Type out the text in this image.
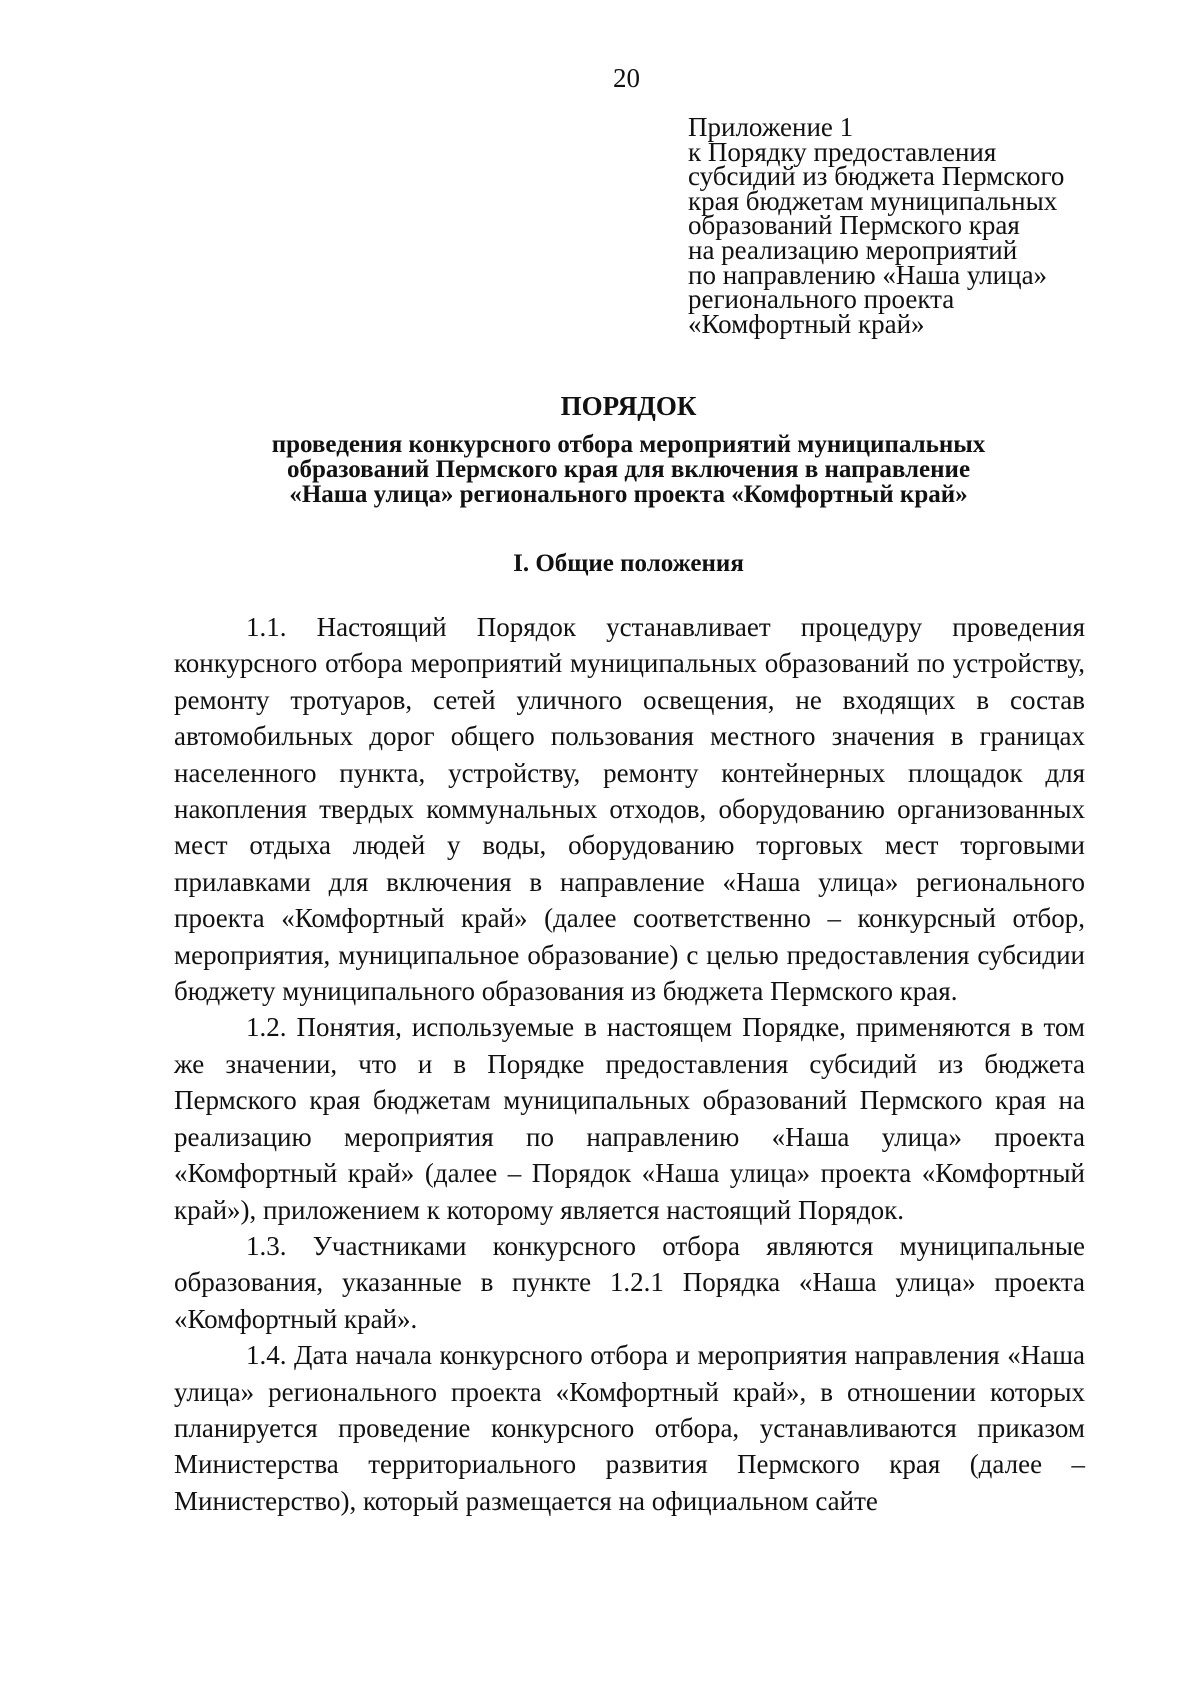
20
Приложение 1
к Порядку предоставления
субсидий из бюджета Пермского
края бюджетам муниципальных
образований Пермского края
на реализацию мероприятий
по направлению «Наша улица»
регионального проекта
«Комфортный край»
ПОРЯДОК
проведения конкурсного отбора мероприятий муниципальных
образований Пермского края для включения в направление
«Наша улица» регионального проекта «Комфортный край»
I. Общие положения

1.1. Настоящий Порядок устанавливает процедуру проведения конкурсного отбора мероприятий муниципальных образований по устройству, ремонту тротуаров, сетей уличного освещения, не входящих в состав автомобильных дорог общего пользования местного значения в границах населенного пункта, устройству, ремонту контейнерных площадок для накопления твердых коммунальных отходов, оборудованию организованных мест отдыха людей у воды, оборудованию торговых мест торговыми прилавками для включения в направление «Наша улица» регионального проекта «Комфортный край» (далее соответственно – конкурсный отбор, мероприятия, муниципальное образование) с целью предоставления субсидии бюджету муниципального образования из бюджета Пермского края.

1.2. Понятия, используемые в настоящем Порядке, применяются в том же значении, что и в Порядке предоставления субсидий из бюджета Пермского края бюджетам муниципальных образований Пермского края на реализацию мероприятия по направлению «Наша улица» проекта «Комфортный край» (далее – Порядок «Наша улица» проекта «Комфортный край»), приложением к которому является настоящий Порядок.

1.3. Участниками конкурсного отбора являются муниципальные образования, указанные в пункте 1.2.1 Порядка «Наша улица» проекта «Комфортный край».

1.4. Дата начала конкурсного отбора и мероприятия направления «Наша улица» регионального проекта «Комфортный край», в отношении которых планируется проведение конкурсного отбора, устанавливаются приказом Министерства территориального развития Пермского края (далее – Министерство), который размещается на официальном сайте
